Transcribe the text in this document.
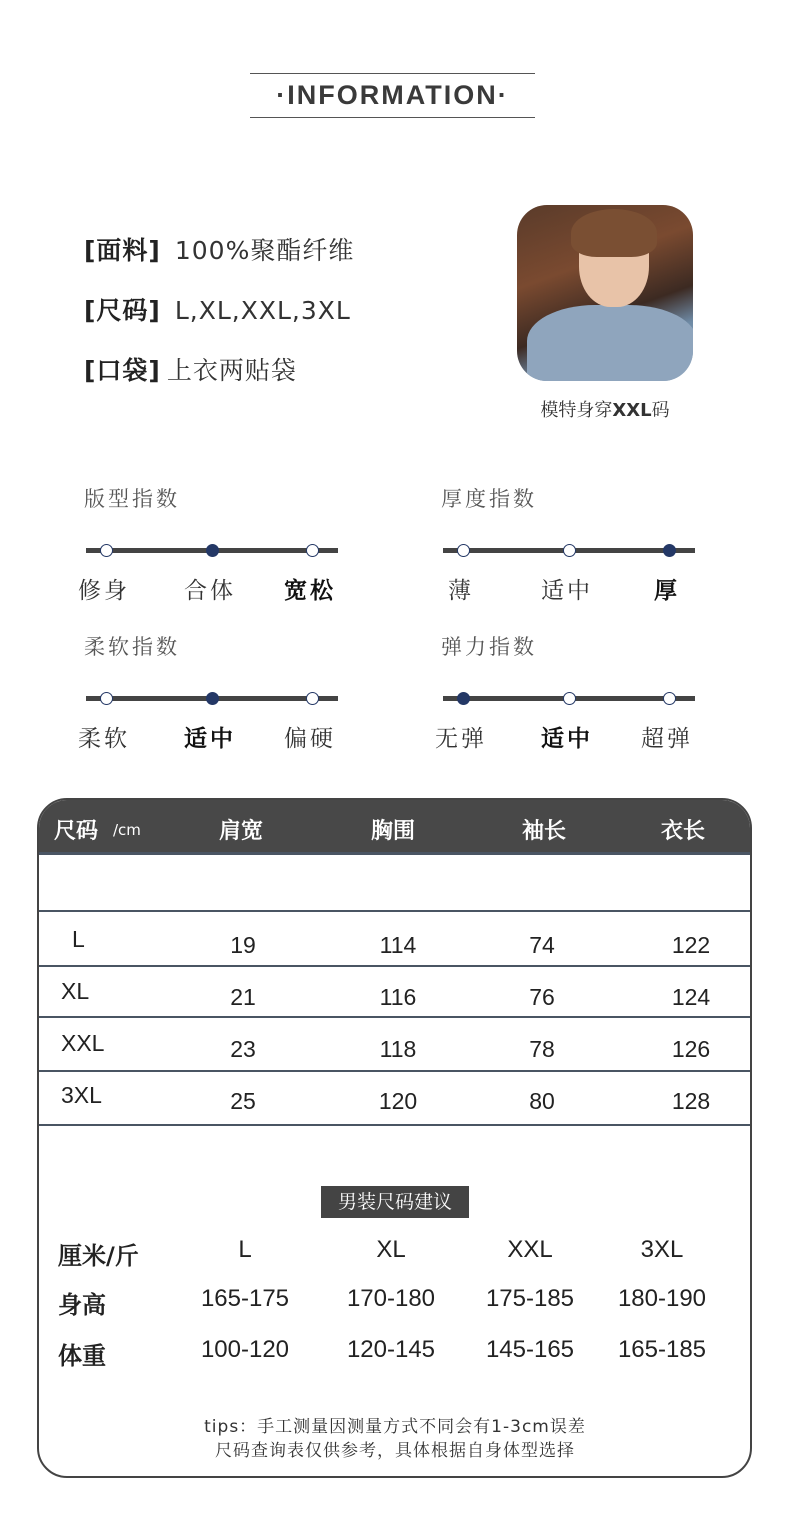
·INFORMATION·
[面料] 100%聚酯纤维
[尺码] L,XL,XXL,3XL
[口袋] 上衣两贴袋
模特身穿XXL码
版型指数
修身	合体	宽松
厚度指数
薄	适中	厚
柔软指数
柔软	适中	偏硬
弹力指数
无弹	适中	超弹
尺码 /cm	肩宽	胸围	袖长	衣长
L	19	114	74	122
XL	21	116	76	124
XXL	23	118	78	126
3XL	25	120	80	128
男装尺码建议
厘米/斤	L	XL	XXL	3XL
身高	165-175	170-180	175-185	180-190
体重	100-120	120-145	145-165	165-185
tips：手工测量因测量方式不同会有1-3cm误差
尺码查询表仅供参考，具体根据自身体型选择
